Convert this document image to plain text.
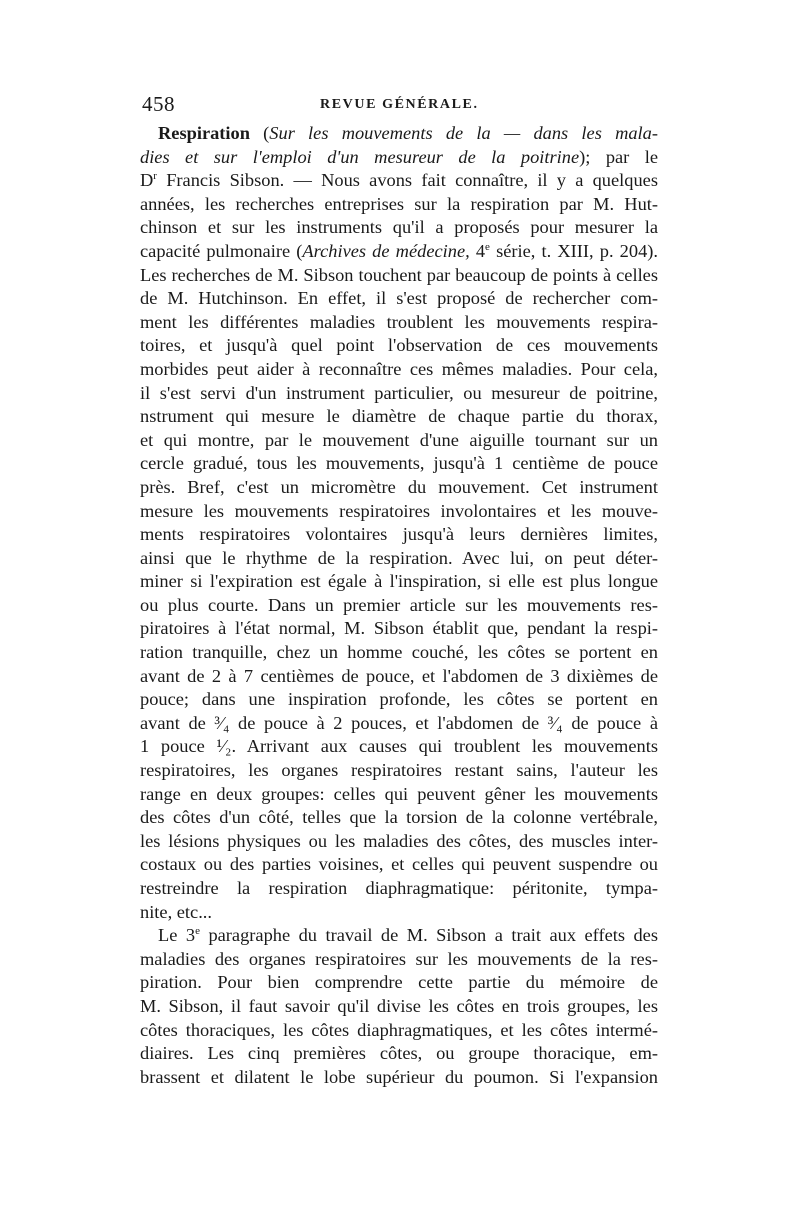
458	REVUE GÉNÉRALE.
Respiration (Sur les mouvements de la — dans les mala-
dies et sur l'emploi d'un mesureur de la poitrine); par le
$D^r$ Francis Sibson. — Nous avons fait connaître, il y a quelques
années, les recherches entreprises sur la respiration par M. Hut-
chinson et sur les instruments qu'il a proposés pour mesurer la
capacité pulmonaire (Archives de médecine, 4e série, t. XIII, p. 204).
Les recherches de M. Sibson touchent par beaucoup de points à celles
de M. Hutchinson. En effet, il s'est proposé de rechercher com-
ment les différentes maladies troublent les mouvements respira-
toires, et jusqu'à quel point l'observation de ces mouvements
morbides peut aider à reconnaître ces mêmes maladies. Pour cela,
il s'est servi d'un instrument particulier, ou mesureur de poitrine,
nstrument qui mesure le diamètre de chaque partie du thorax,
et qui montre, par le mouvement d'une aiguille tournant sur un
cercle gradué, tous les mouvements, jusqu'à 1 centième de pouce
près. Bref, c'est un micromètre du mouvement. Cet instrument
mesure les mouvements respiratoires involontaires et les mouve-
ments respiratoires volontaires jusqu'à leurs dernières limites,
ainsi que le rhythme de la respiration. Avec lui, on peut déter-
miner si l'expiration est égale à l'inspiration, si elle est plus longue
ou plus courte. Dans un premier article sur les mouvements res-
piratoires à l'état normal, M. Sibson établit que, pendant la respi-
ration tranquille, chez un homme couché, les côtes se portent en
avant de 2 à 7 centièmes de pouce, et l'abdomen de 3 dixièmes de
pouce; dans une inspiration profonde, les côtes se portent en
avant de ³⁄₄ de pouce à 2 pouces, et l'abdomen de ³⁄₄ de pouce à
1 pouce ¹⁄₂. Arrivant aux causes qui troublent les mouvements
respiratoires, les organes respiratoires restant sains, l'auteur les
range en deux groupes: celles qui peuvent gêner les mouvements
des côtes d'un côté, telles que la torsion de la colonne vertébrale,
les lésions physiques ou les maladies des côtes, des muscles inter-
costaux ou des parties voisines, et celles qui peuvent suspendre ou
restreindre la respiration diaphragmatique: péritonite, tympa-
nite, etc...
Le 3e paragraphe du travail de M. Sibson a trait aux effets des
maladies des organes respiratoires sur les mouvements de la res-
piration. Pour bien comprendre cette partie du mémoire de
M. Sibson, il faut savoir qu'il divise les côtes en trois groupes, les
côtes thoraciques, les côtes diaphragmatiques, et les côtes intermé-
diaires. Les cinq premières côtes, ou groupe thoracique, em-
brassent et dilatent le lobe supérieur du poumon. Si l'expansion
